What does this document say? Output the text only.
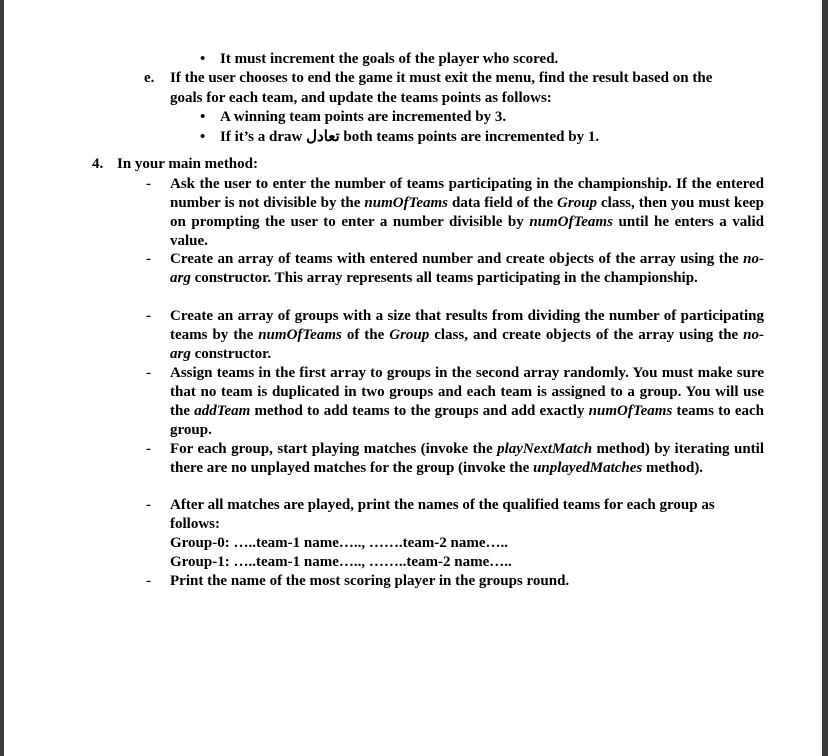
• It must increment the goals of the player who scored.
e. If the user chooses to end the game it must exit the menu, find the result based on the
goals for each team, and update the teams points as follows:
• A winning team points are incremented by 3.
• If it’s a draw تعادل both teams points are incremented by 1.
4. In your main method:
- Ask the user to enter the number of teams participating in the championship. If the entered number is not divisible by the numOfTeams data field of the Group class, then you must keep on prompting the user to enter a number divisible by numOfTeams until he enters a valid value.
- Create an array of teams with entered number and create objects of the array using the no-arg constructor. This array represents all teams participating in the championship.
- Create an array of groups with a size that results from dividing the number of participating teams by the numOfTeams of the Group class, and create objects of the array using the no-arg constructor.
- Assign teams in the first array to groups in the second array randomly. You must make sure that no team is duplicated in two groups and each team is assigned to a group. You will use the addTeam method to add teams to the groups and add exactly numOfTeams teams to each group.
- For each group, start playing matches (invoke the playNextMatch method) by iterating until there are no unplayed matches for the group (invoke the unplayedMatches method).
- After all matches are played, print the names of the qualified teams for each group as follows:
Group-0: …..team-1 name….., …….team-2 name…..
Group-1: …..team-1 name….., ……..team-2 name…..
- Print the name of the most scoring player in the groups round.
